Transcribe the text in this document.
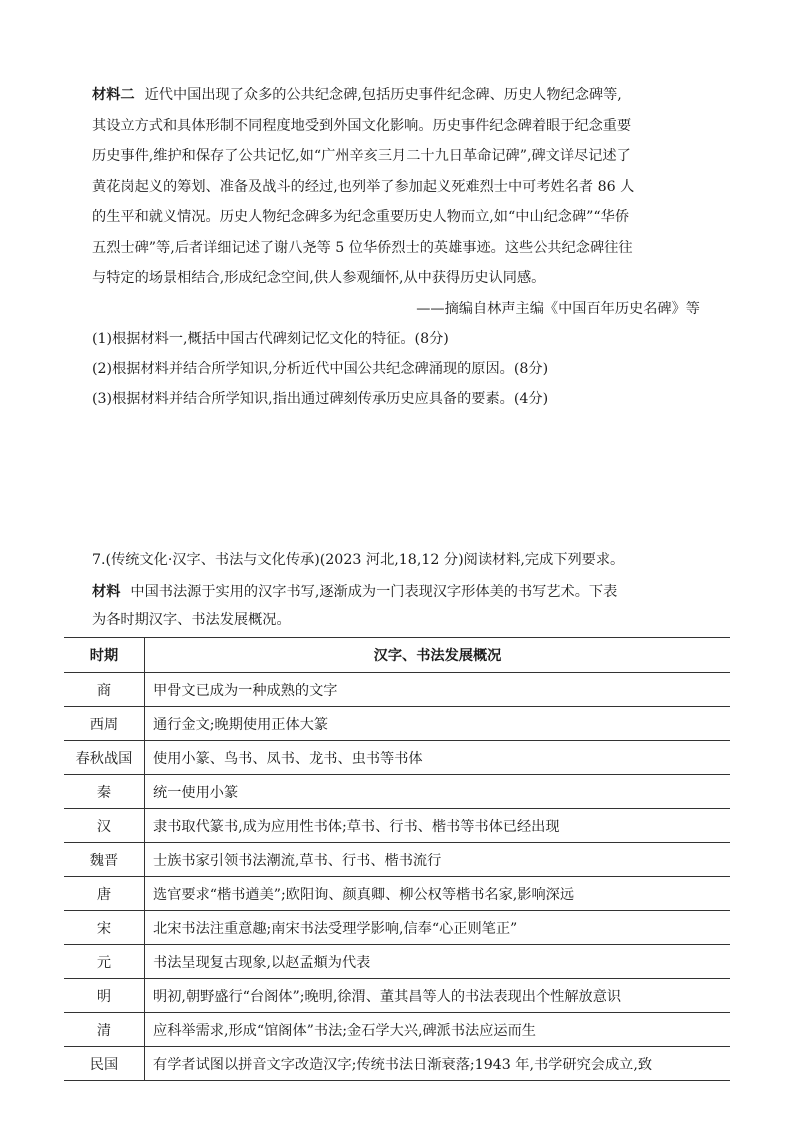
材料二 近代中国出现了众多的公共纪念碑,包括历史事件纪念碑、历史人物纪念碑等,
其设立方式和具体形制不同程度地受到外国文化影响。历史事件纪念碑着眼于纪念重要
历史事件,维护和保存了公共记忆,如“广州辛亥三月二十九日革命记碑”,碑文详尽记述了
黄花岗起义的筹划、准备及战斗的经过,也列举了参加起义死难烈士中可考姓名者 86 人
的生平和就义情况。历史人物纪念碑多为纪念重要历史人物而立,如“中山纪念碑”“华侨
五烈士碑”等,后者详细记述了谢八尧等 5 位华侨烈士的英雄事迹。这些公共纪念碑往往
与特定的场景相结合,形成纪念空间,供人参观缅怀,从中获得历史认同感。
——摘编自林声主编《中国百年历史名碑》等
(1)根据材料一,概括中国古代碑刻记忆文化的特征。(8分)
(2)根据材料并结合所学知识,分析近代中国公共纪念碑涌现的原因。(8分)
(3)根据材料并结合所学知识,指出通过碑刻传承历史应具备的要素。(4分)
7.(传统文化·汉字、书法与文化传承)(2023 河北,18,12 分)阅读材料,完成下列要求。
材料 中国书法源于实用的汉字书写,逐渐成为一门表现汉字形体美的书写艺术。下表
为各时期汉字、书法发展概况。
时期	汉字、书法发展概况
商	甲骨文已成为一种成熟的文字
西周	通行金文;晚期使用正体大篆
春秋战国	使用小篆、鸟书、凤书、龙书、虫书等书体
秦	统一使用小篆
汉	隶书取代篆书,成为应用性书体;草书、行书、楷书等书体已经出现
魏晋	士族书家引领书法潮流,草书、行书、楷书流行
唐	选官要求“楷书遒美”;欧阳询、颜真卿、柳公权等楷书名家,影响深远
宋	北宋书法注重意趣;南宋书法受理学影响,信奉“心正则笔正”
元	书法呈现复古现象,以赵孟頫为代表
明	明初,朝野盛行“台阁体”;晚明,徐渭、董其昌等人的书法表现出个性解放意识
清	应科举需求,形成“馆阁体”书法;金石学大兴,碑派书法应运而生
民国	有学者试图以拼音文字改造汉字;传统书法日渐衰落;1943 年,书学研究会成立,致
